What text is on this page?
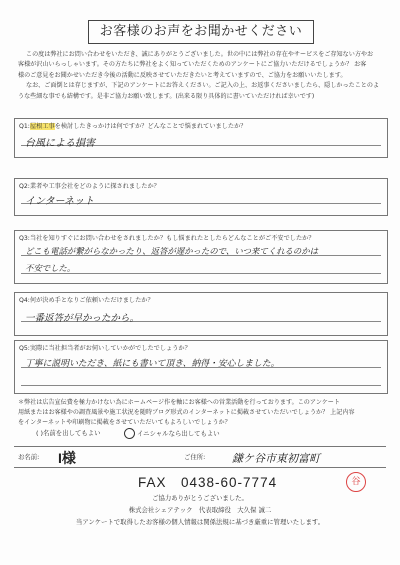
お客様のお声をお聞かせください

この度は弊社にお問い合わせをいただき、誠にありがとうございました。世の中には弊社の存在やサービスをご存知ない方やお

客様が沢山いらっしゃいます。その方たちに弊社をよく知っていただくためのアンケートにご協力いただけるでしょうか？ お客

様のご意見をお聞かせいただき今後の活動に反映させていただきたいと考えていますので、ご協力をお願いいたします。

なお、ご面倒とは存じますが、下記のアンケートにお答えください。ご記入の上、お返事くださいましたら、隠しかったことのよ

うな些細な事でも結構です。是非ご協力お願い致します。(出来る限り具体的に書いていただければ幸いです)

Q1:屋根工事を検討したきっかけは何ですか？どんなことで悩まれていましたか？
台風による損害
Q2:業者や工事会社をどのように探されましたか？
インターネット
Q3:当社を知りすぐにお問い合わせをされましたか？もし悩まれたとしたらどんなことがご不安でしたか？
どこも電話が繋がらなかったり、返答が遅かったので、いつ来てくれるのかは
不安でした。
Q4:何が決め手となりご依頼いただけましたか？
一番返答が早かったから。
Q5:実際に当社担当者がお伺いしていかがでしたでしょうか？
丁寧に説明いただき、紙にも書いて頂き、納得・安心しました。
＊弊社は広告宣伝費を極力かけない為にホームページ作を軸にお客様への営業活動を行っております。このアンケート
用紙またはお客様やの調査風景や施工状況を随時ブログ形式のインターネットに掲載させていただいでしょうか？ 上記内容
をインターネットや印刷物に掲載をさせていただいてもよろしいでしょうか？
( )名前を出してもよい	イニシャルなら出してもよい
お名前: I様	ご住所: 鎌ケ谷市東初富町
FAX　0438-60-7774	谷
ご協力ありがとうございました。
株式会社シェアテック　代表取締役　大久保 誠二
当アンケートで取得したお客様の個人情報は関係法規に基づき厳重に管理いたします。
